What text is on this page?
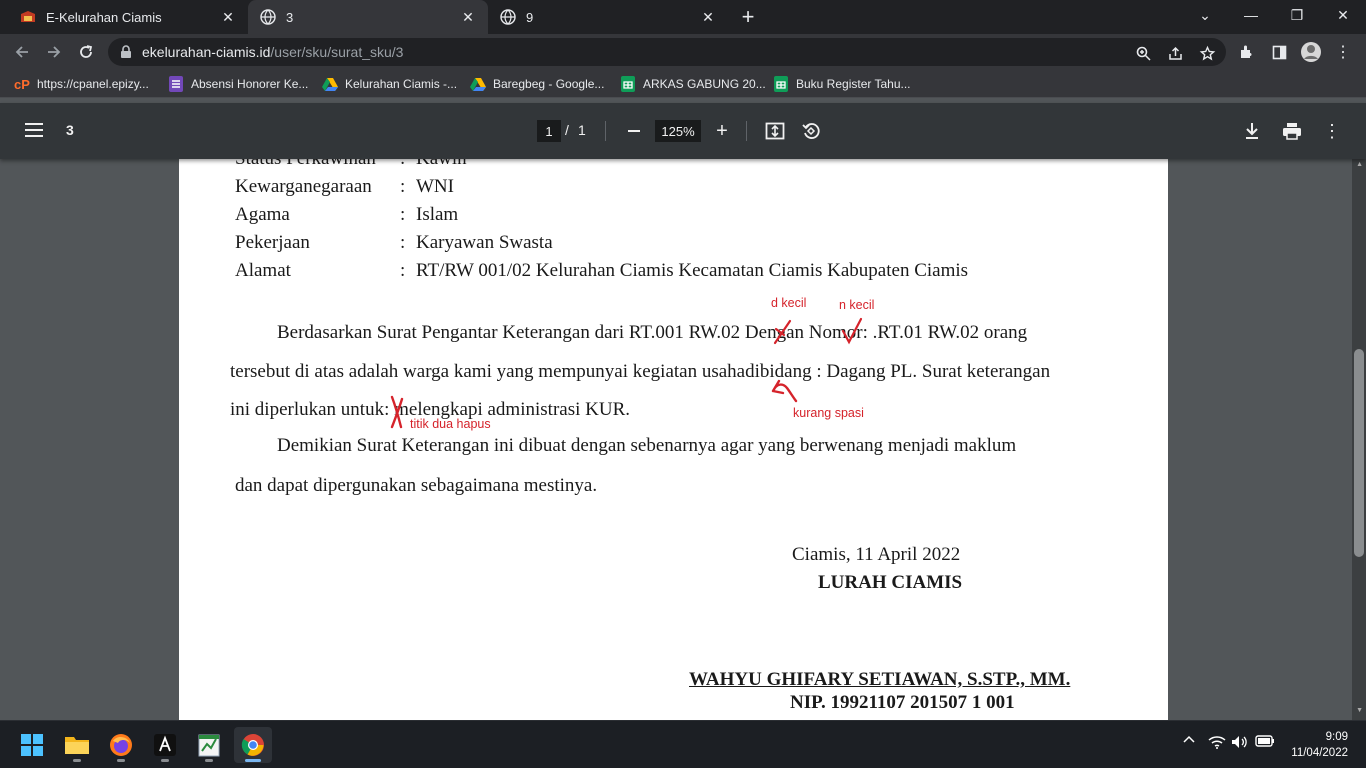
E-Kelurahan Ciamis	✕	3	✕	9	✕ +	⌄	—	❐	✕
ekelurahan-ciamis.id /user/sku/surat_sku/3	⋮
cP https://cpanel.epizy...	Absensi Honorer Ke...	Kelurahan Ciamis -...	Baregbeg - Google...	ARKAS GABUNG 20...	Buku Register Tahu...
3	1 / 1	125%	+	⋮
Kewarganegaraan : WNI
Agama	: Islam
Pekerjaan	: Karyawan Swasta
Alamat	: RT/RW 001/02 Kelurahan Ciamis Kecamatan Ciamis Kabupaten Ciamis
Berdasarkan Surat Pengantar Keterangan dari RT.001 RW.02 Dengan Nomor: .RT.01 RW.02 orang
tersebut di atas adalah warga kami yang mempunyai kegiatan usahadibidang : Dagang PL. Surat keterangan
ini diperlukan untuk: melengkapi administrasi KUR.
Demikian Surat Keterangan ini dibuat dengan sebenarnya agar yang berwenang menjadi maklum
dan dapat dipergunakan sebagaimana mestinya.
Ciamis, 11 April 2022
LURAH CIAMIS
WAHYU GHIFARY SETIAWAN, S.STP., MM.
NIP. 19921107 201507 1 001
d kecil	n kecil
kurang spasi
titik dua hapus
▲
▼
9:09
11/04/2022
